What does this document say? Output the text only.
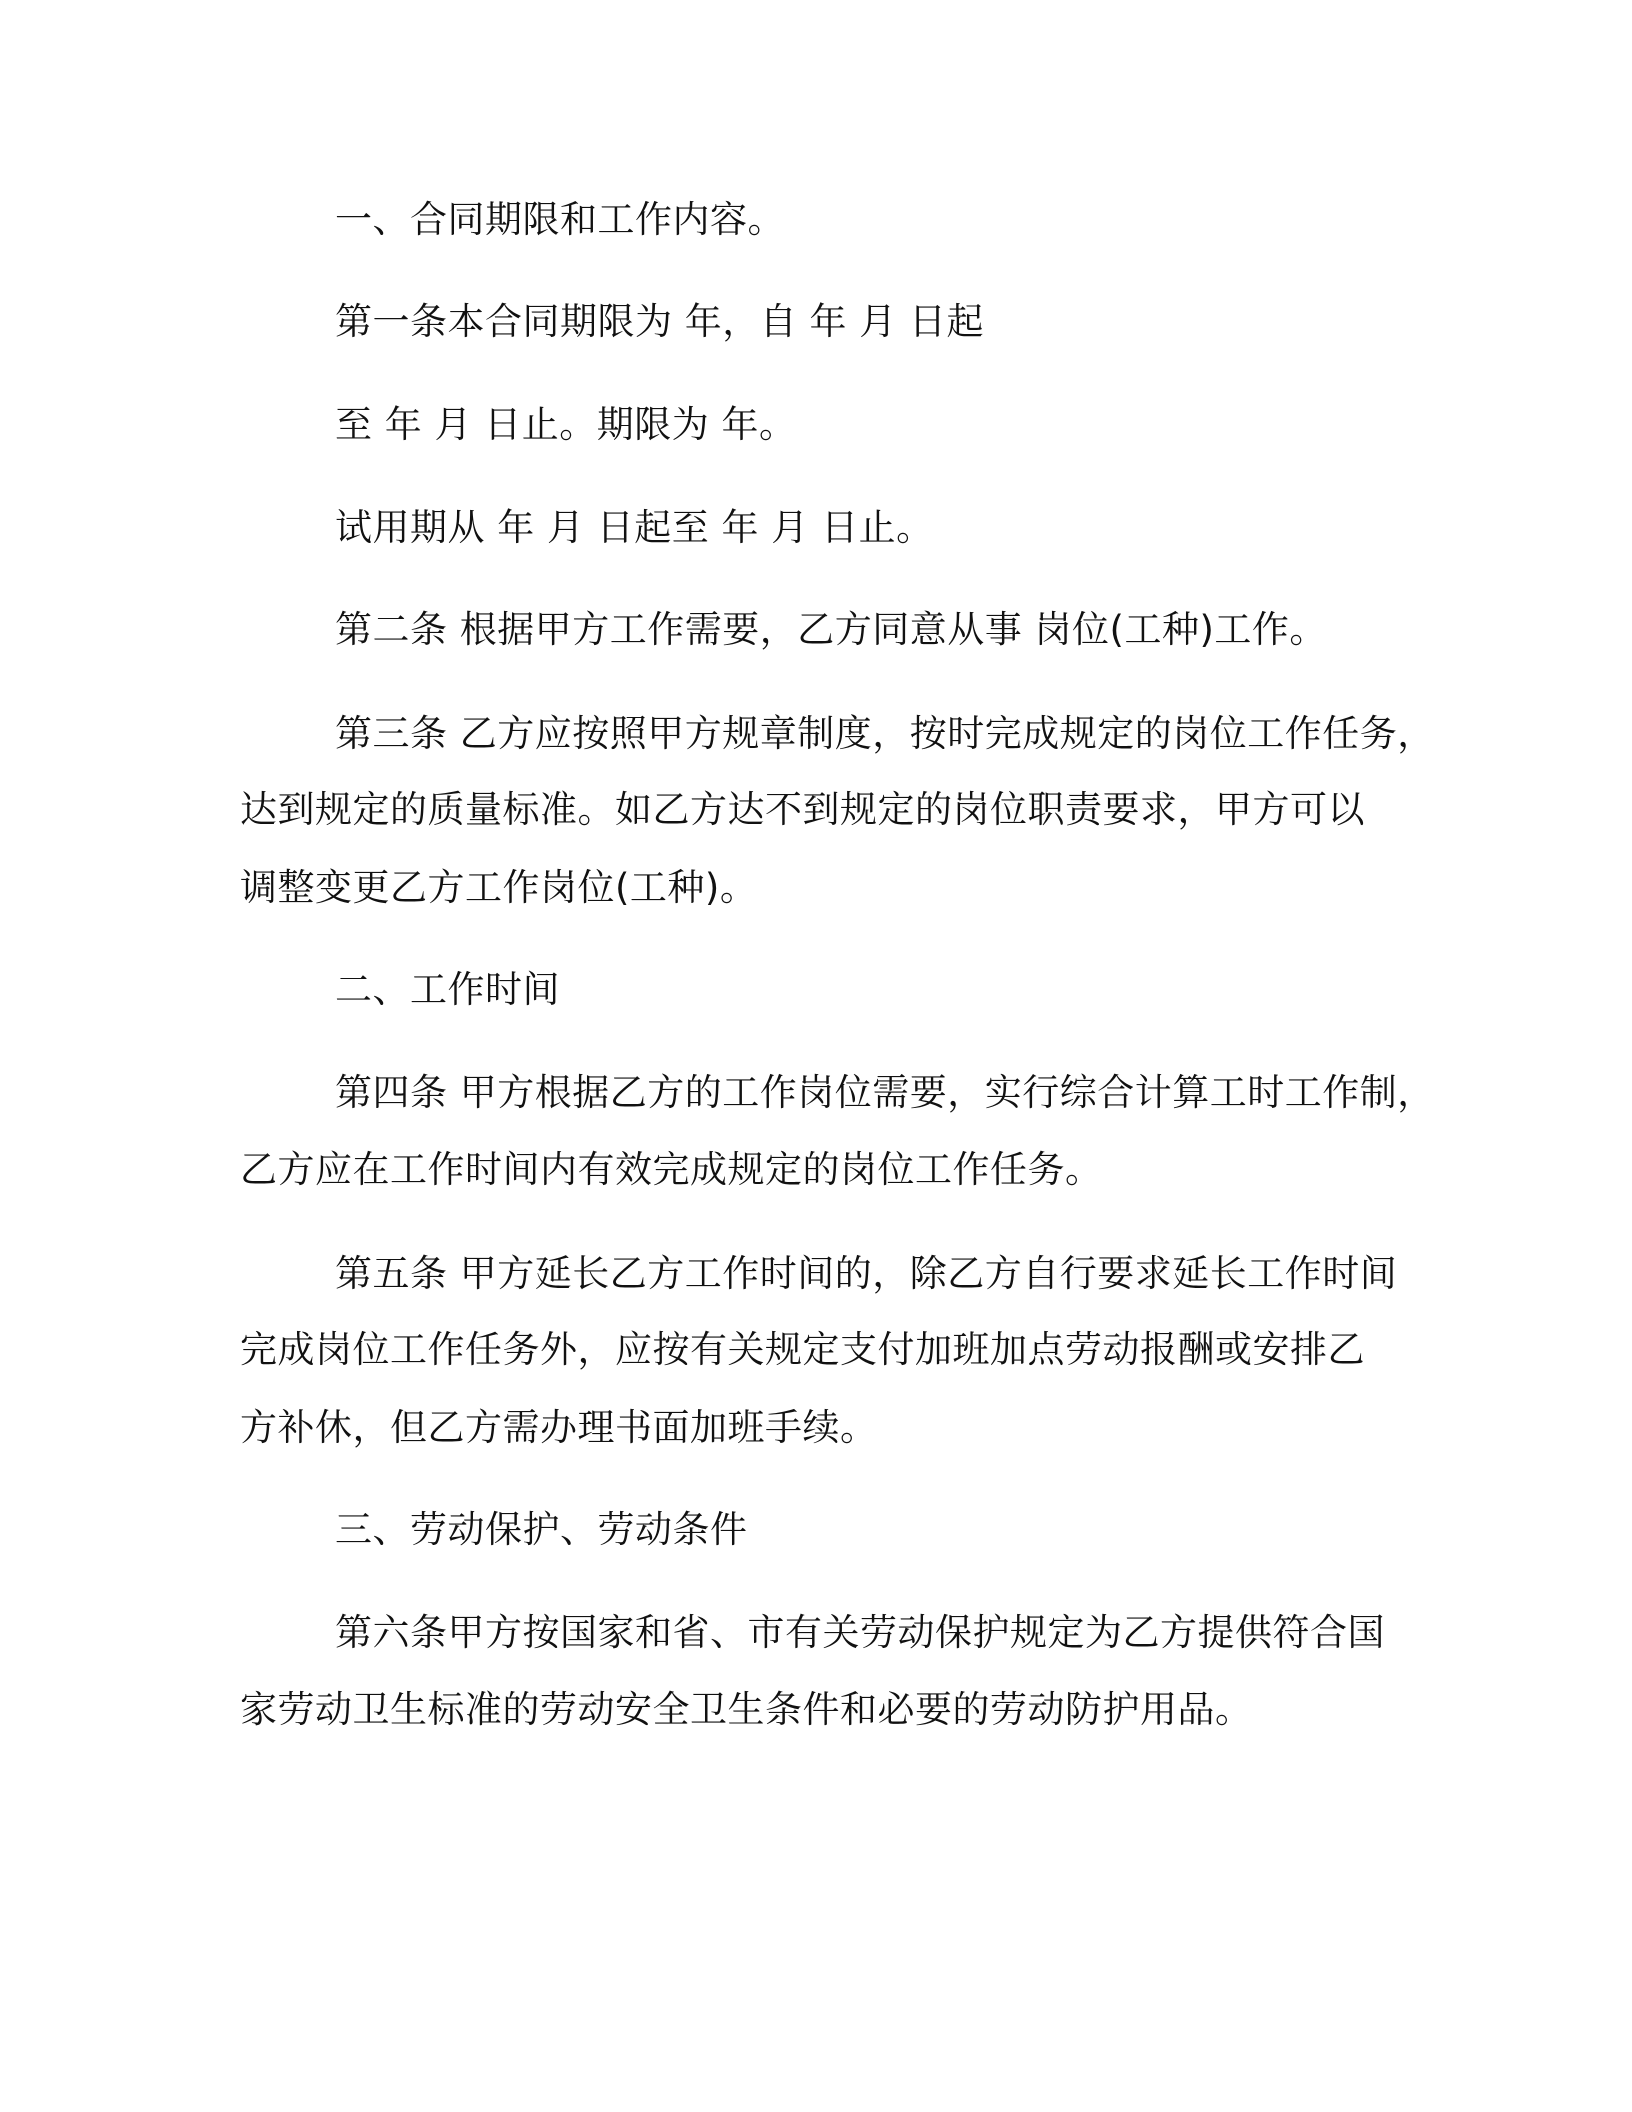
一、合同期限和工作内容。
第一条本合同期限为 年，自 年 月 日起
至 年 月 日止。期限为 年。
试用期从 年 月 日起至 年 月 日止。
第二条 根据甲方工作需要，乙方同意从事 岗位(工种)工作。
第三条 乙方应按照甲方规章制度，按时完成规定的岗位工作任务，
达到规定的质量标准。如乙方达不到规定的岗位职责要求，甲方可以
调整变更乙方工作岗位(工种)。
二、工作时间
第四条 甲方根据乙方的工作岗位需要，实行综合计算工时工作制，
乙方应在工作时间内有效完成规定的岗位工作任务。
第五条 甲方延长乙方工作时间的，除乙方自行要求延长工作时间
完成岗位工作任务外，应按有关规定支付加班加点劳动报酬或安排乙
方补休，但乙方需办理书面加班手续。
三、劳动保护、劳动条件
第六条甲方按国家和省、市有关劳动保护规定为乙方提供符合国
家劳动卫生标准的劳动安全卫生条件和必要的劳动防护用品。
